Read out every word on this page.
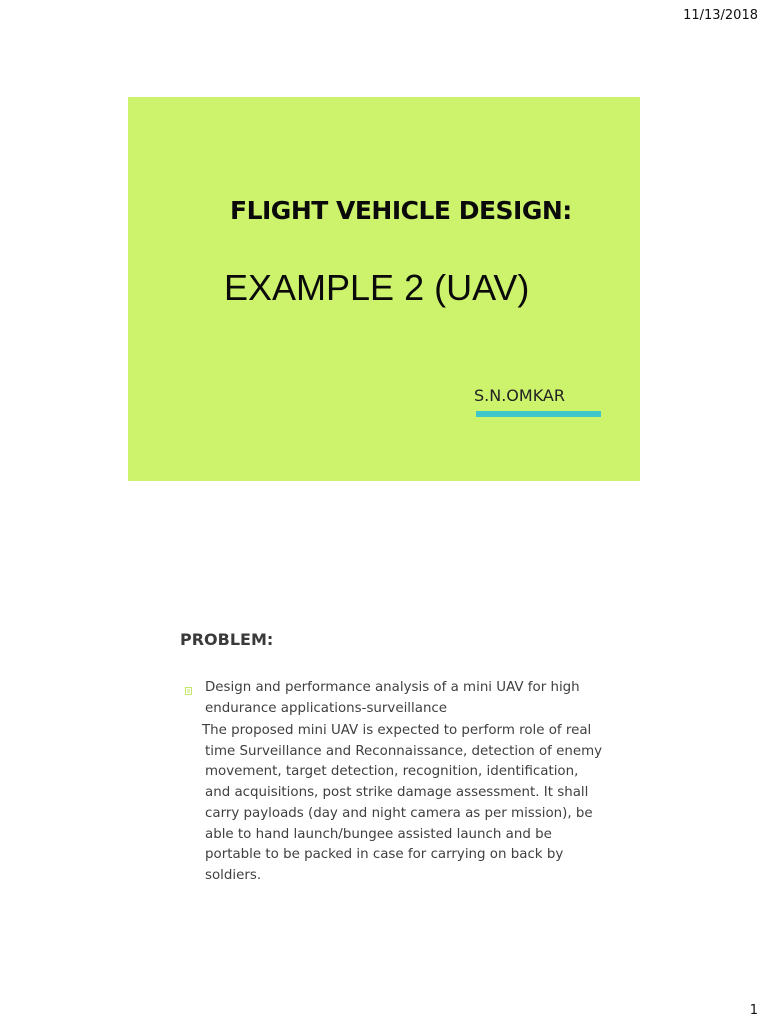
11/13/2018
FLIGHT VEHICLE DESIGN:
EXAMPLE 2 (UAV)
S.N.OMKAR
PROBLEM:

Design and performance analysis of a mini UAV for high endurance applications-surveillance

The proposed mini UAV is expected to perform role of real time Surveillance and Reconnaissance, detection of enemy movement, target detection, recognition, identification, and acquisitions, post strike damage assessment. It shall carry payloads (day and night camera as per mission), be able to hand launch/bungee assisted launch and be portable to be packed in case for carrying on back by soldiers.

1
